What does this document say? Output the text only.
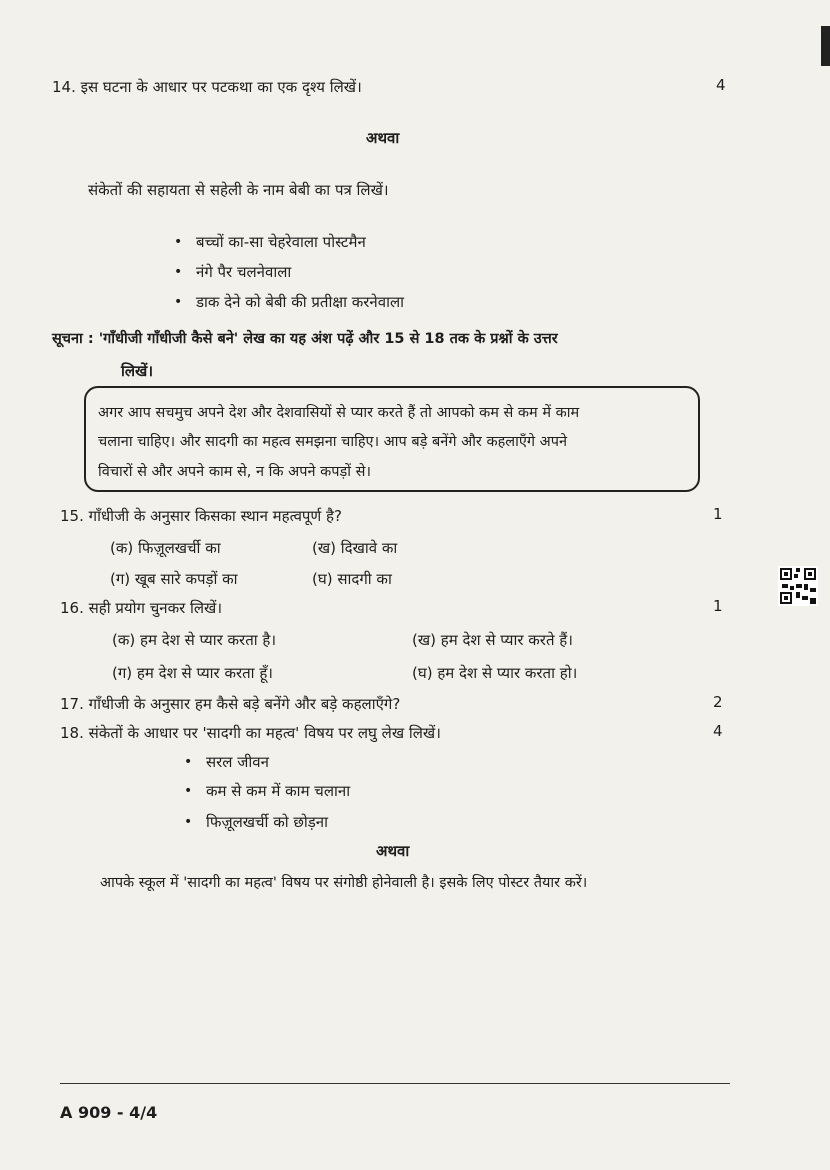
14. इस घटना के आधार पर पटकथा का एक दृश्य लिखें।	4
अथवा
संकेतों की सहायता से सहेली के नाम बेबी का पत्र लिखें।
• बच्चों का-सा चेहरेवाला पोस्टमैन
• नंगे पैर चलनेवाला
• डाक देने को बेबी की प्रतीक्षा करनेवाला
सूचना : 'गाँधीजी गाँधीजी कैसे बने' लेख का यह अंश पढ़ें और 15 से 18 तक के प्रश्नों के उत्तर
लिखें।
अगर आप सचमुच अपने देश और देशवासियों से प्यार करते हैं तो आपको कम से कम में काम
चलाना चाहिए। और सादगी का महत्व समझना चाहिए। आप बड़े बनेंगे और कहलाएँगे अपने
विचारों से और अपने काम से, न कि अपने कपड़ों से।
15. गाँधीजी के अनुसार किसका स्थान महत्वपूर्ण है?	1
(क) फिज़ूलखर्ची का	(ख) दिखावे का
(ग) खूब सारे कपड़ों का	(घ) सादगी का
16. सही प्रयोग चुनकर लिखें।	1
(क) हम देश से प्यार करता है।	(ख) हम देश से प्यार करते हैं।
(ग) हम देश से प्यार करता हूँ।	(घ) हम देश से प्यार करता हो।
17. गाँधीजी के अनुसार हम कैसे बड़े बनेंगे और बड़े कहलाएँगे?	2
18. संकेतों के आधार पर 'सादगी का महत्व' विषय पर लघु लेख लिखें।	4
• सरल जीवन
• कम से कम में काम चलाना
• फिज़ूलखर्ची को छोड़ना
अथवा
आपके स्कूल में 'सादगी का महत्व' विषय पर संगोष्ठी होनेवाली है। इसके लिए पोस्टर तैयार करें।
A 909 - 4/4
